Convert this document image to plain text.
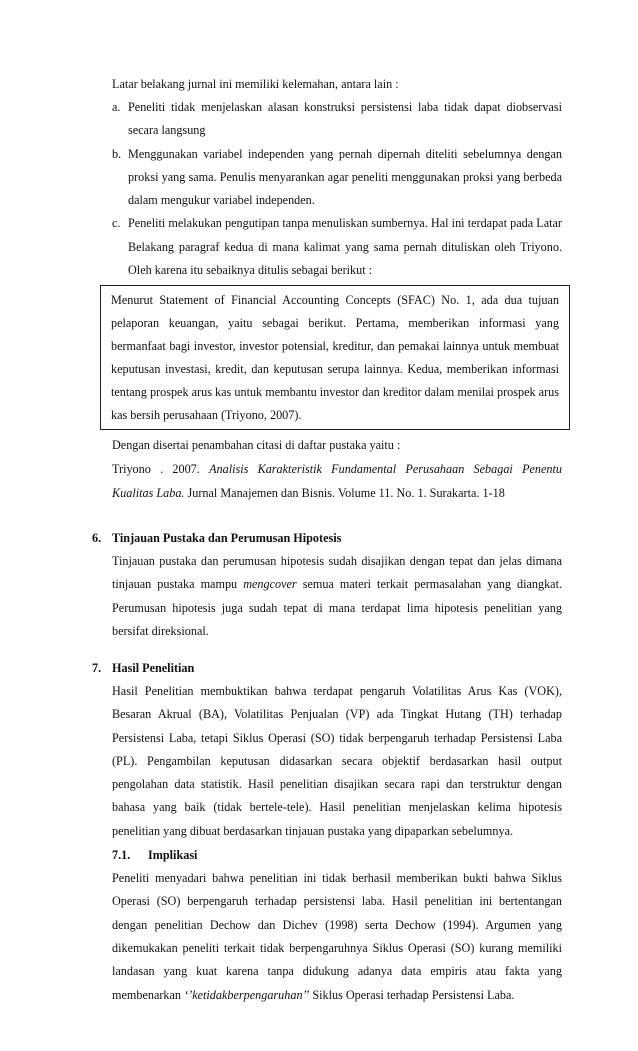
Latar belakang jurnal ini memiliki kelemahan, antara lain :
a. Peneliti tidak menjelaskan alasan konstruksi persistensi laba tidak dapat diobservasi secara langsung
b. Menggunakan variabel independen yang pernah dipernah diteliti sebelumnya dengan proksi yang sama. Penulis menyarankan agar peneliti menggunakan proksi yang berbeda dalam mengukur variabel independen.
c. Peneliti melakukan pengutipan tanpa menuliskan sumbernya. Hal ini terdapat pada Latar Belakang paragraf kedua di mana kalimat yang sama pernah dituliskan oleh Triyono. Oleh karena itu sebaiknya ditulis sebagai berikut :
Menurut Statement of Financial Accounting Concepts (SFAC) No. 1, ada dua tujuan pelaporan keuangan, yaitu sebagai berikut. Pertama, memberikan informasi yang bermanfaat bagi investor, investor potensial, kreditur, dan pemakai lainnya untuk membuat keputusan investasi, kredit, dan keputusan serupa lainnya. Kedua, memberikan informasi tentang prospek arus kas untuk membantu investor dan kreditor dalam menilai prospek arus kas bersih perusahaan (Triyono, 2007).
Dengan disertai penambahan citasi di daftar pustaka yaitu :
Triyono . 2007. Analisis Karakteristik Fundamental Perusahaan Sebagai Penentu
Kualitas Laba. Jurnal Manajemen dan Bisnis. Volume 11. No. 1. Surakarta. 1-18
6. Tinjauan Pustaka dan Perumusan Hipotesis
Tinjauan pustaka dan perumusan hipotesis sudah disajikan dengan tepat dan jelas dimana tinjauan pustaka mampu mengcover semua materi terkait permasalahan yang diangkat. Perumusan hipotesis juga sudah tepat di mana terdapat lima hipotesis penelitian yang bersifat direksional.
7. Hasil Penelitian
Hasil Penelitian membuktikan bahwa terdapat pengaruh Volatilitas Arus Kas (VOK), Besaran Akrual (BA), Volatilitas Penjualan (VP) ada Tingkat Hutang (TH) terhadap Persistensi Laba, tetapi Siklus Operasi (SO) tidak berpengaruh terhadap Persistensi Laba (PL). Pengambilan keputusan didasarkan secara objektif berdasarkan hasil output pengolahan data statistik. Hasil penelitian disajikan secara rapi dan terstruktur dengan bahasa yang baik (tidak bertele-tele). Hasil penelitian menjelaskan kelima hipotesis penelitian yang dibuat berdasarkan tinjauan pustaka yang dipaparkan sebelumnya.
7.1.	Implikasi
Peneliti menyadari bahwa penelitian ini tidak berhasil memberikan bukti bahwa Siklus Operasi (SO) berpengaruh terhadap persistensi laba. Hasil penelitian ini bertentangan dengan penelitian Dechow dan Dichev (1998) serta Dechow (1994). Argumen yang dikemukakan peneliti terkait tidak berpengaruhnya Siklus Operasi (SO) kurang memiliki landasan yang kuat karena tanpa didukung adanya data empiris atau fakta yang membenarkan ‘’ketidakberpengaruhan’’ Siklus Operasi terhadap Persistensi Laba.
